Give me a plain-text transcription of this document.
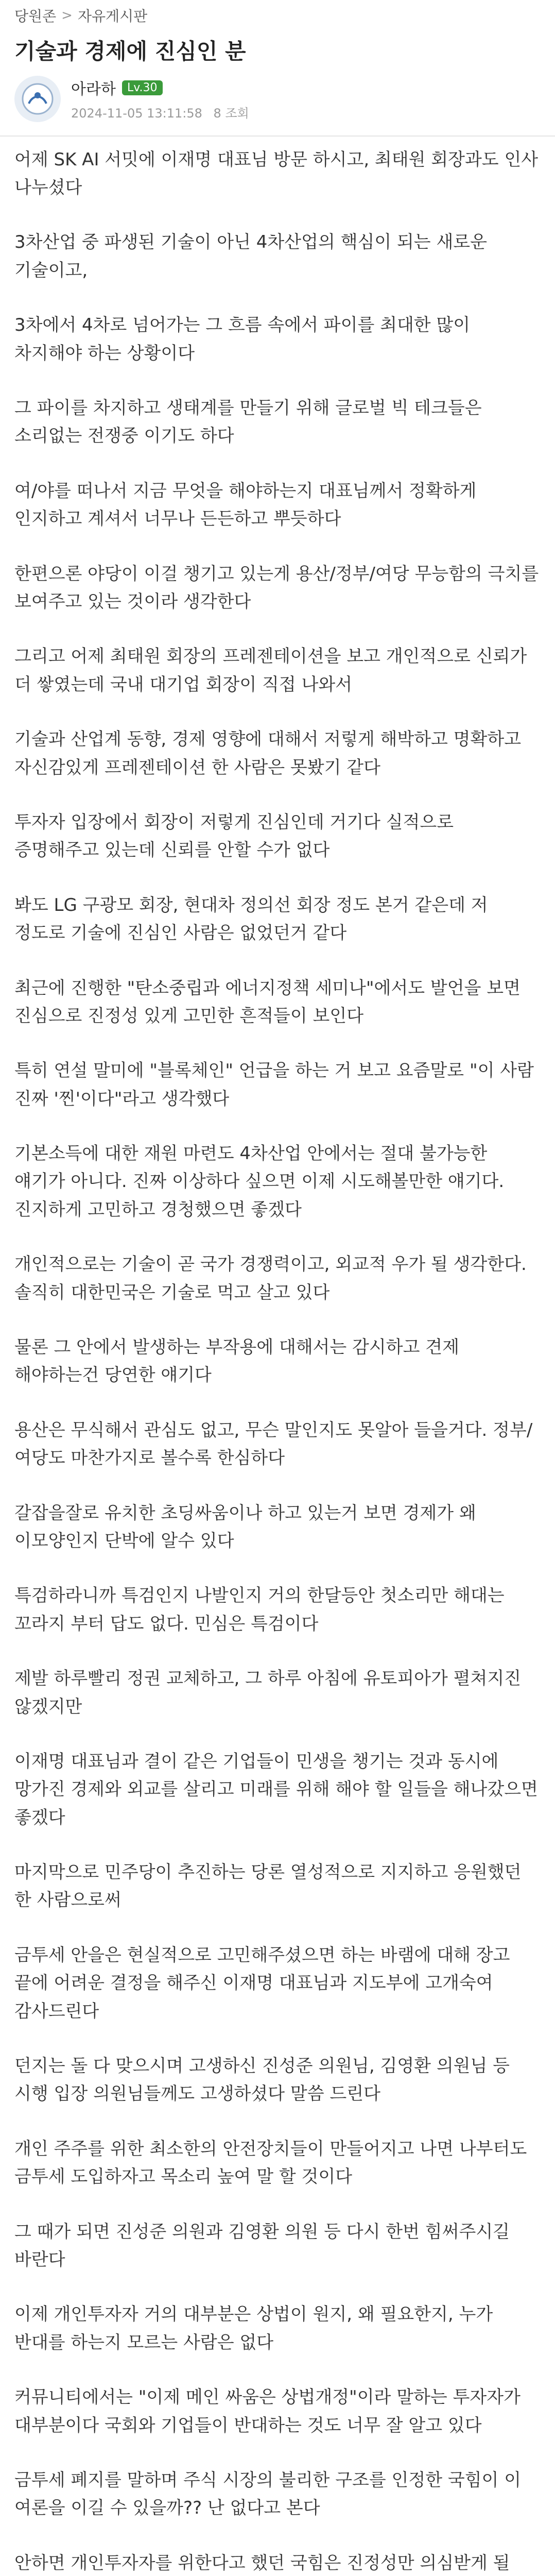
당원존 > 자유게시판
기술과 경제에 진심인 분
아라하	Lv.30
2024-11-05 13:11:58 8 조회

어제 SK AI 서밋에 이재명 대표님 방문 하시고, 최태원 회장과도 인사 나누셨다

3차산업 중 파생된 기술이 아닌 4차산업의 핵심이 되는 새로운 기술이고,

3차에서 4차로 넘어가는 그 흐름 속에서 파이를 최대한 많이 차지해야 하는 상황이다

그 파이를 차지하고 생태계를 만들기 위해 글로벌 빅 테크들은 소리없는 전쟁중 이기도 하다

여/야를 떠나서 지금 무엇을 해야하는지 대표님께서 정확하게 인지하고 계셔서 너무나 든든하고 뿌듯하다

한편으론 야당이 이걸 챙기고 있는게 용산/정부/여당 무능함의 극치를 보여주고 있는 것이라 생각한다

그리고 어제 최태원 회장의 프레젠테이션을 보고 개인적으로 신뢰가 더 쌓였는데 국내 대기업 회장이 직접 나와서

기술과 산업계 동향, 경제 영향에 대해서 저렇게 해박하고 명확하고 자신감있게 프레젠테이션 한 사람은 못봤기 같다

투자자 입장에서 회장이 저렇게 진심인데 거기다 실적으로 증명해주고 있는데 신뢰를 안할 수가 없다

봐도 LG 구광모 회장, 현대차 정의선 회장 정도 본거 같은데 저 정도로 기술에 진심인 사람은 없었던거 같다

최근에 진행한 "탄소중립과 에너지정책 세미나"에서도 발언을 보면 진심으로 진정성 있게 고민한 흔적들이 보인다

특히 연설 말미에 "블록체인" 언급을 하는 거 보고 요즘말로 "이 사람 진짜 '찐'이다"라고 생각했다

기본소득에 대한 재원 마련도 4차산업 안에서는 절대 불가능한 얘기가 아니다. 진짜 이상하다 싶으면 이제 시도해볼만한 얘기다. 진지하게 고민하고 경청했으면 좋겠다

개인적으로는 기술이 곧 국가 경쟁력이고, 외교적 우가 될 생각한다. 솔직히 대한민국은 기술로 먹고 살고 있다

물론 그 안에서 발생하는 부작용에 대해서는 감시하고 견제 해야하는건 당연한 얘기다

용산은 무식해서 관심도 없고, 무슨 말인지도 못알아 들을거다. 정부/여당도 마찬가지로 볼수록 한심하다

갈잡을잘로 유치한 초딩싸움이나 하고 있는거 보면 경제가 왜 이모양인지 단박에 알수 있다

특검하라니까 특검인지 나발인지 거의 한달등안 첫소리만 해대는 꼬라지 부터 답도 없다. 민심은 특검이다

제발 하루빨리 정권 교체하고, 그 하루 아침에 유토피아가 펼쳐지진 않겠지만

이재명 대표님과 결이 같은 기업들이 민생을 챙기는 것과 동시에 망가진 경제와 외교를 살리고 미래를 위해 해야 할 일들을 해나갔으면 좋겠다

마지막으로 민주당이 추진하는 당론 열성적으로 지지하고 응원했던 한 사람으로써

금투세 안을은 현실적으로 고민해주셨으면 하는 바램에 대해 장고 끝에 어려운 결정을 해주신 이재명 대표님과 지도부에 고개숙여 감사드린다

던지는 돌 다 맞으시며 고생하신 진성준 의원님, 김영환 의원님 등 시행 입장 의원님들께도 고생하셨다 말씀 드린다

개인 주주를 위한 최소한의 안전장치들이 만들어지고 나면 나부터도 금투세 도입하자고 목소리 높여 말 할 것이다

그 때가 되면 진성준 의원과 김영환 의원 등 다시 한번 힘써주시길 바란다

이제 개인투자자 거의 대부분은 상법이 원지, 왜 필요한지, 누가 반대를 하는지 모르는 사람은 없다

커뮤니티에서는 "이제 메인 싸움은 상법개정"이라 말하는 투자자가 대부분이다 국회와 기업들이 반대하는 것도 너무 잘 알고 있다

금투세 폐지를 말하며 주식 시장의 불리한 구조를 인정한 국힘이 이 여론을 이길 수 있을까?? 난 없다고 본다

안하면 개인투자자를 위한다고 했던 국힘은 진정성만 의심받게 될
